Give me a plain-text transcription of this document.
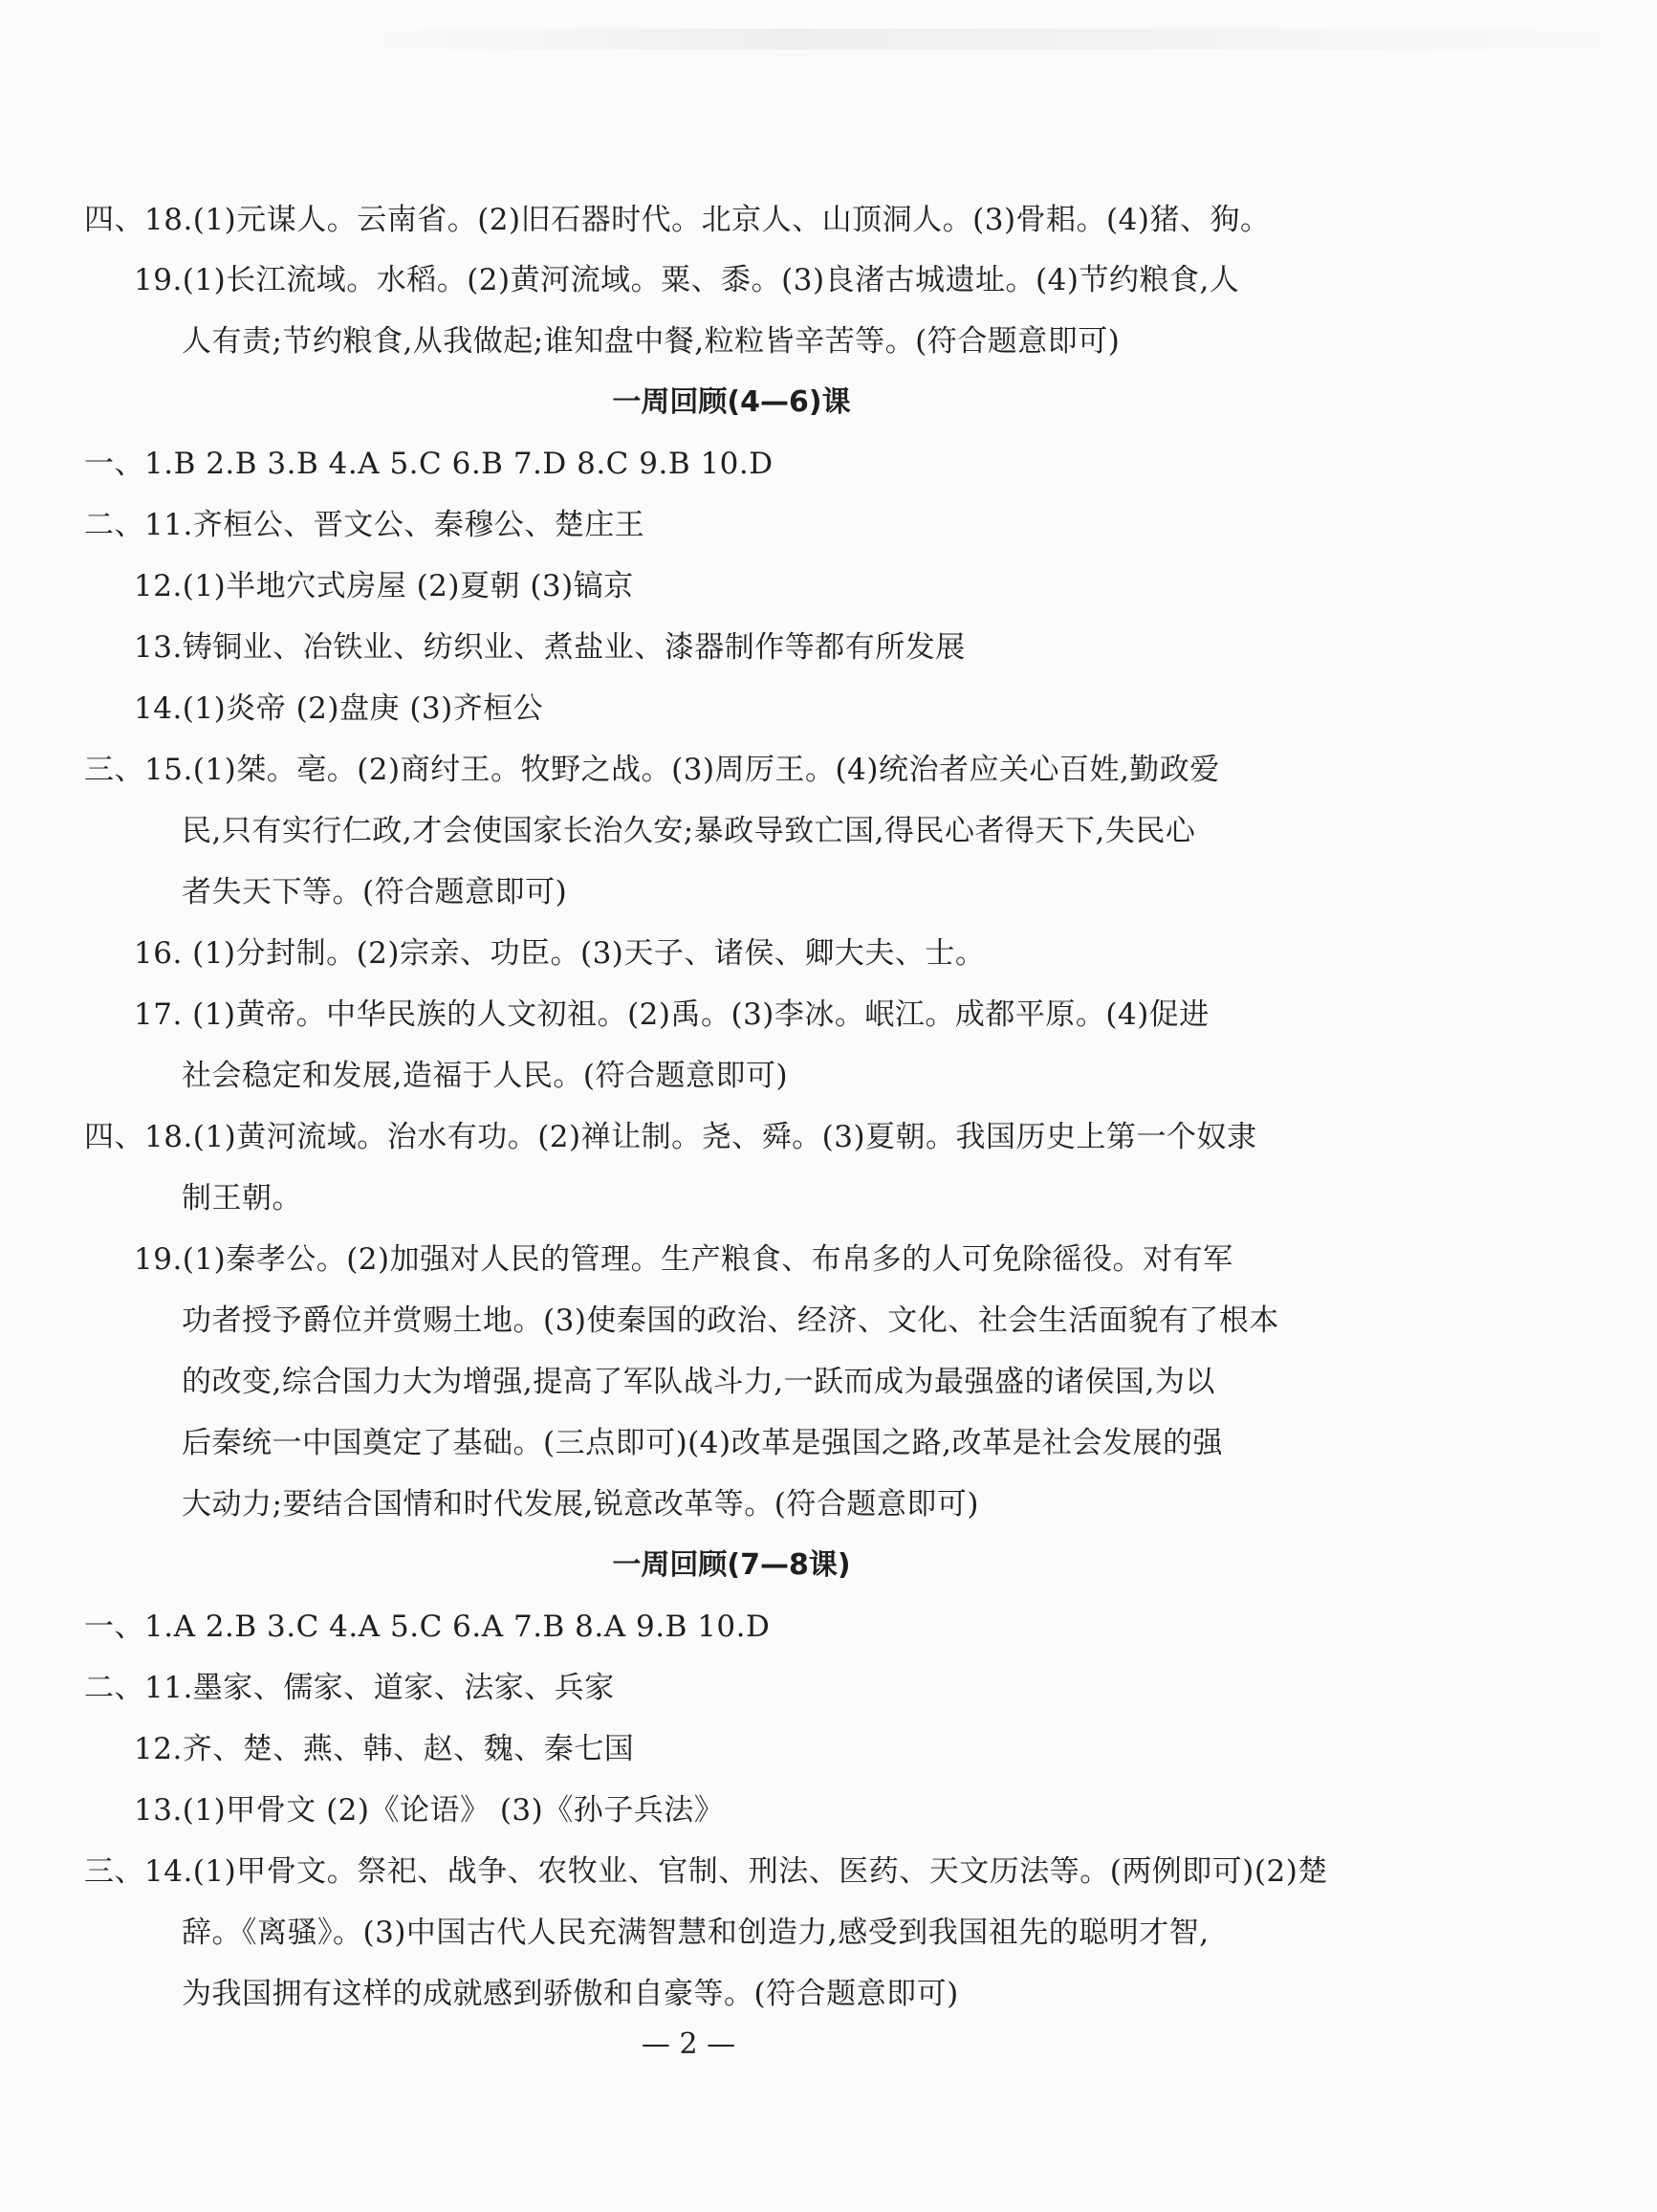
四、18.(1)元谋人。云南省。(2)旧石器时代。北京人、山顶洞人。(3)骨耜。(4)猪、狗。
19.(1)长江流域。水稻。(2)黄河流域。粟、黍。(3)良渚古城遗址。(4)节约粮食,人
人有责;节约粮食,从我做起;谁知盘中餐,粒粒皆辛苦等。(符合题意即可)
一周回顾(4—6)课
一、1.B 2.B 3.B 4.A 5.C 6.B 7.D 8.C 9.B 10.D
二、11.齐桓公、晋文公、秦穆公、楚庄王
12.(1)半地穴式房屋 (2)夏朝 (3)镐京
13.铸铜业、冶铁业、纺织业、煮盐业、漆器制作等都有所发展
14.(1)炎帝 (2)盘庚 (3)齐桓公
三、15.(1)桀。亳。(2)商纣王。牧野之战。(3)周厉王。(4)统治者应关心百姓,勤政爱
民,只有实行仁政,才会使国家长治久安;暴政导致亡国,得民心者得天下,失民心
者失天下等。(符合题意即可)
16. (1)分封制。(2)宗亲、功臣。(3)天子、诸侯、卿大夫、士。
17. (1)黄帝。中华民族的人文初祖。(2)禹。(3)李冰。岷江。成都平原。(4)促进
社会稳定和发展,造福于人民。(符合题意即可)
四、18.(1)黄河流域。治水有功。(2)禅让制。尧、舜。(3)夏朝。我国历史上第一个奴隶
制王朝。
19.(1)秦孝公。(2)加强对人民的管理。生产粮食、布帛多的人可免除徭役。对有军
功者授予爵位并赏赐土地。(3)使秦国的政治、经济、文化、社会生活面貌有了根本
的改变,综合国力大为增强,提高了军队战斗力,一跃而成为最强盛的诸侯国,为以
后秦统一中国奠定了基础。(三点即可)(4)改革是强国之路,改革是社会发展的强
大动力;要结合国情和时代发展,锐意改革等。(符合题意即可)
一周回顾(7—8课)
一、1.A 2.B 3.C 4.A 5.C 6.A 7.B 8.A 9.B 10.D
二、11.墨家、儒家、道家、法家、兵家
12.齐、楚、燕、韩、赵、魏、秦七国
13.(1)甲骨文 (2)《论语》 (3)《孙子兵法》
三、14.(1)甲骨文。祭祀、战争、农牧业、官制、刑法、医药、天文历法等。(两例即可)(2)楚
辞。《离骚》。(3)中国古代人民充满智慧和创造力,感受到我国祖先的聪明才智,
为我国拥有这样的成就感到骄傲和自豪等。(符合题意即可)
— 2 —
